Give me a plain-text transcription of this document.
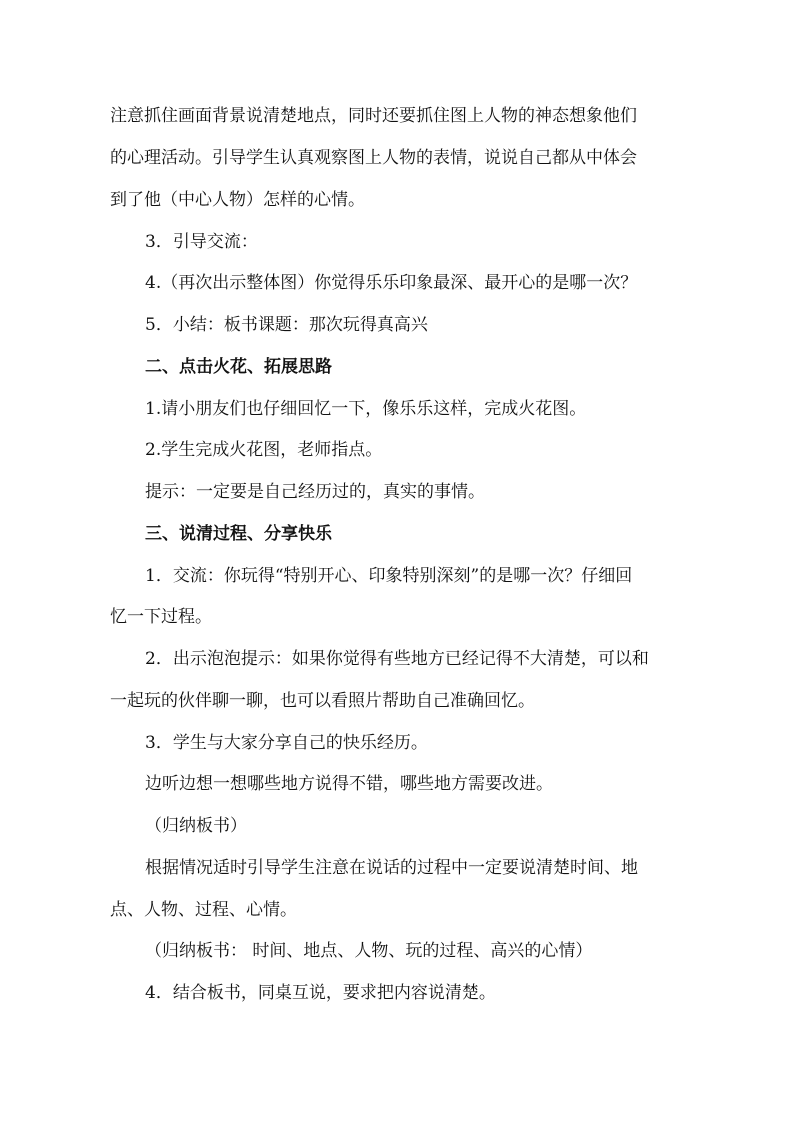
注意抓住画面背景说清楚地点，同时还要抓住图上人物的神态想象他们
的心理活动。引导学生认真观察图上人物的表情，说说自己都从中体会
到了他（中心人物）怎样的心情。
3．引导交流：
4.（再次出示整体图）你觉得乐乐印象最深、最开心的是哪一次？
5．小结：板书课题：那次玩得真高兴
二、点击火花、拓展思路
1.请小朋友们也仔细回忆一下，像乐乐这样，完成火花图。
2.学生完成火花图，老师指点。
提示：一定要是自己经历过的，真实的事情。
三、说清过程、分享快乐
1．交流：你玩得“特别开心、印象特别深刻”的是哪一次？仔细回
忆一下过程。
2．出示泡泡提示：如果你觉得有些地方已经记得不大清楚，可以和
一起玩的伙伴聊一聊，也可以看照片帮助自己准确回忆。
3．学生与大家分享自己的快乐经历。
边听边想一想哪些地方说得不错，哪些地方需要改进。
（归纳板书）
根据情况适时引导学生注意在说话的过程中一定要说清楚时间、地
点、人物、过程、心情。
（归纳板书： 时间、地点、人物、玩的过程、高兴的心情）
4．结合板书，同桌互说，要求把内容说清楚。
